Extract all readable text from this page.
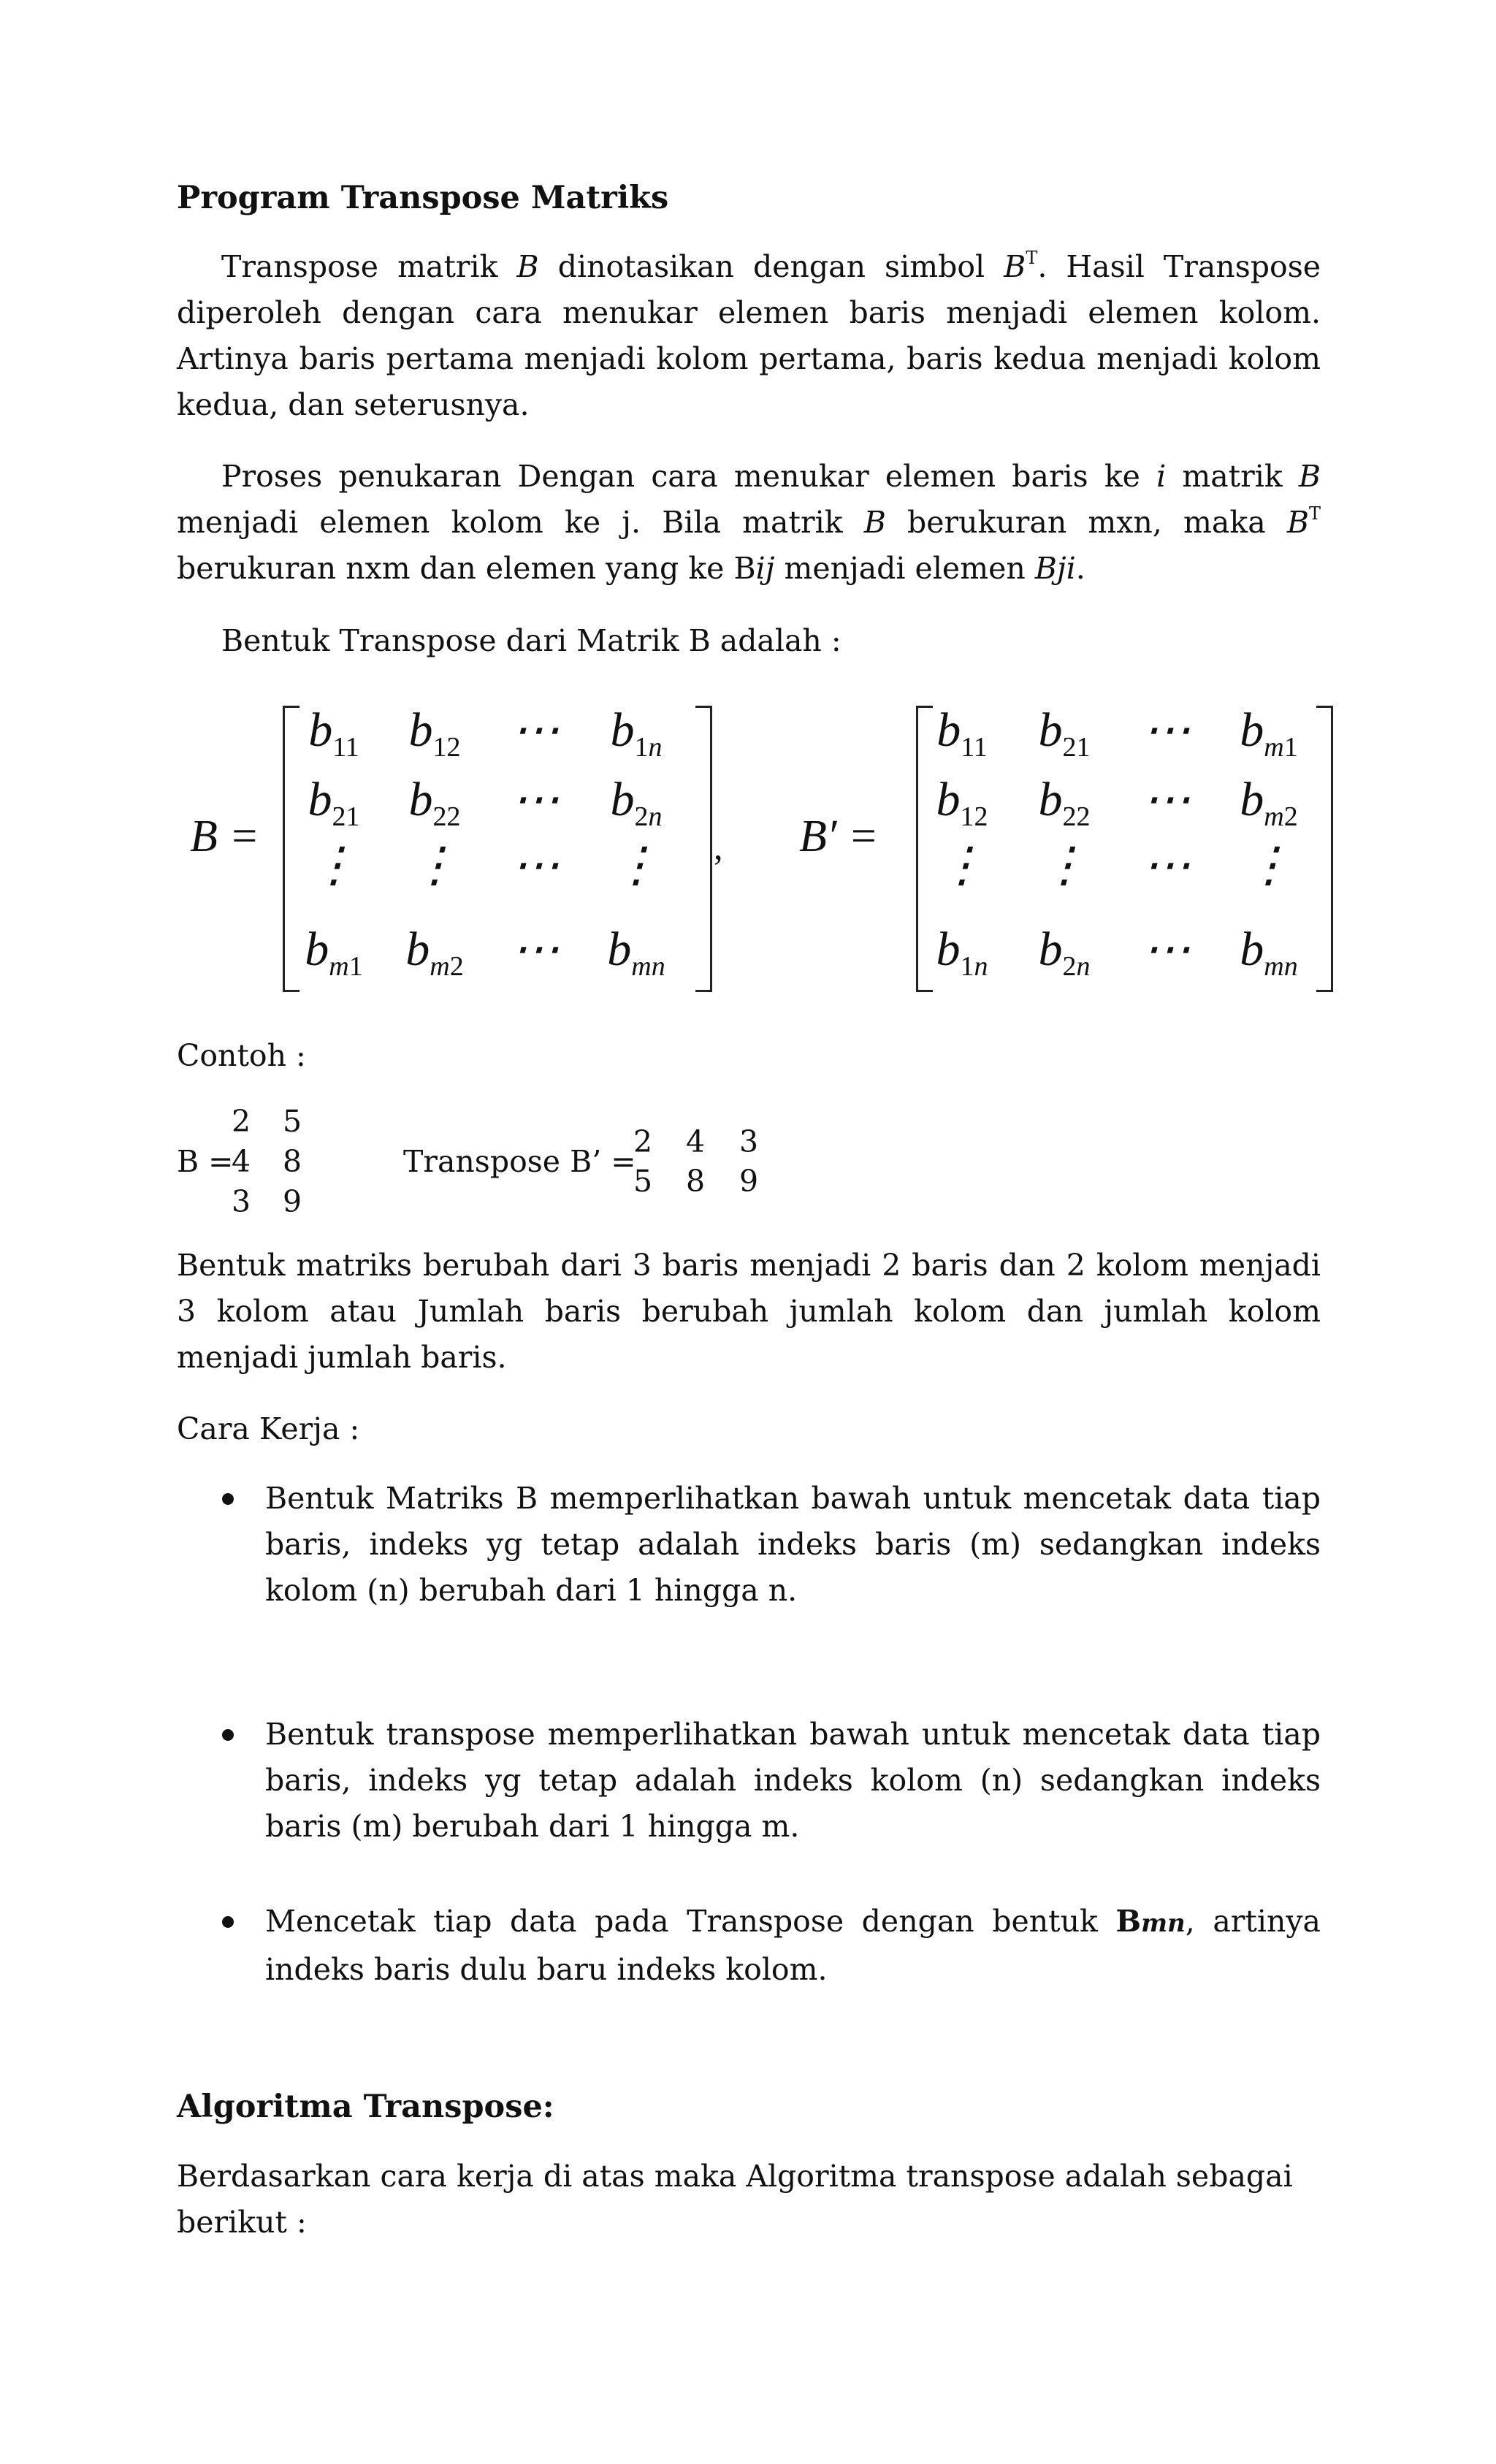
Program Transpose Matriks

Transpose matrik B dinotasikan dengan simbol $B^T$. Hasil Transpose diperoleh dengan cara menukar elemen baris menjadi elemen kolom. Artinya baris pertama menjadi kolom pertama, baris kedua menjadi kolom kedua, dan seterusnya.

Proses penukaran Dengan cara menukar elemen baris ke i matrik B menjadi elemen kolom ke j. Bila matrik B berukuran mxn, maka $B^T$ berukuran nxm dan elemen yang ke Bij menjadi elemen Bji.

Bentuk Transpose dari Matrik B adalah :

B =
$b_{11}$	$b_{12}$	⋯	$b_{1n}$
$b_{21}$	$b_{22}$	⋯	$b_{2n}$
⋮	⋮	⋯	⋮
$b_{m1}$ $b_{m2}$ ⋯ $b_{mn}$
, B′ =
$b_{11}$	$b_{21}$	⋯	$b_{m1}$
$b_{12}$	$b_{22}$	⋯	$b_{m2}$
⋮	⋮	⋯	⋮
$b_{1n}$	$b_{2n}$	⋯	$b_{mn}$

Contoh :

B =
2 5
4 8
3 9
Transpose B’ =
2 4 3
5 8 9

Bentuk matriks berubah dari 3 baris menjadi 2 baris dan 2 kolom menjadi 3 kolom atau Jumlah baris berubah jumlah kolom dan jumlah kolom menjadi jumlah baris.

Cara Kerja :

Bentuk Matriks B memperlihatkan bawah untuk mencetak data tiap baris, indeks yg tetap adalah indeks baris (m) sedangkan indeks kolom (n) berubah dari 1 hingga n.
Bentuk transpose memperlihatkan bawah untuk mencetak data tiap baris, indeks yg tetap adalah indeks kolom (n) sedangkan indeks baris (m) berubah dari 1 hingga m.
Mencetak tiap data pada Transpose dengan bentuk Bmn, artinya indeks baris dulu baru indeks kolom.
Algoritma Transpose:

Berdasarkan cara kerja di atas maka Algoritma transpose adalah sebagai berikut :
